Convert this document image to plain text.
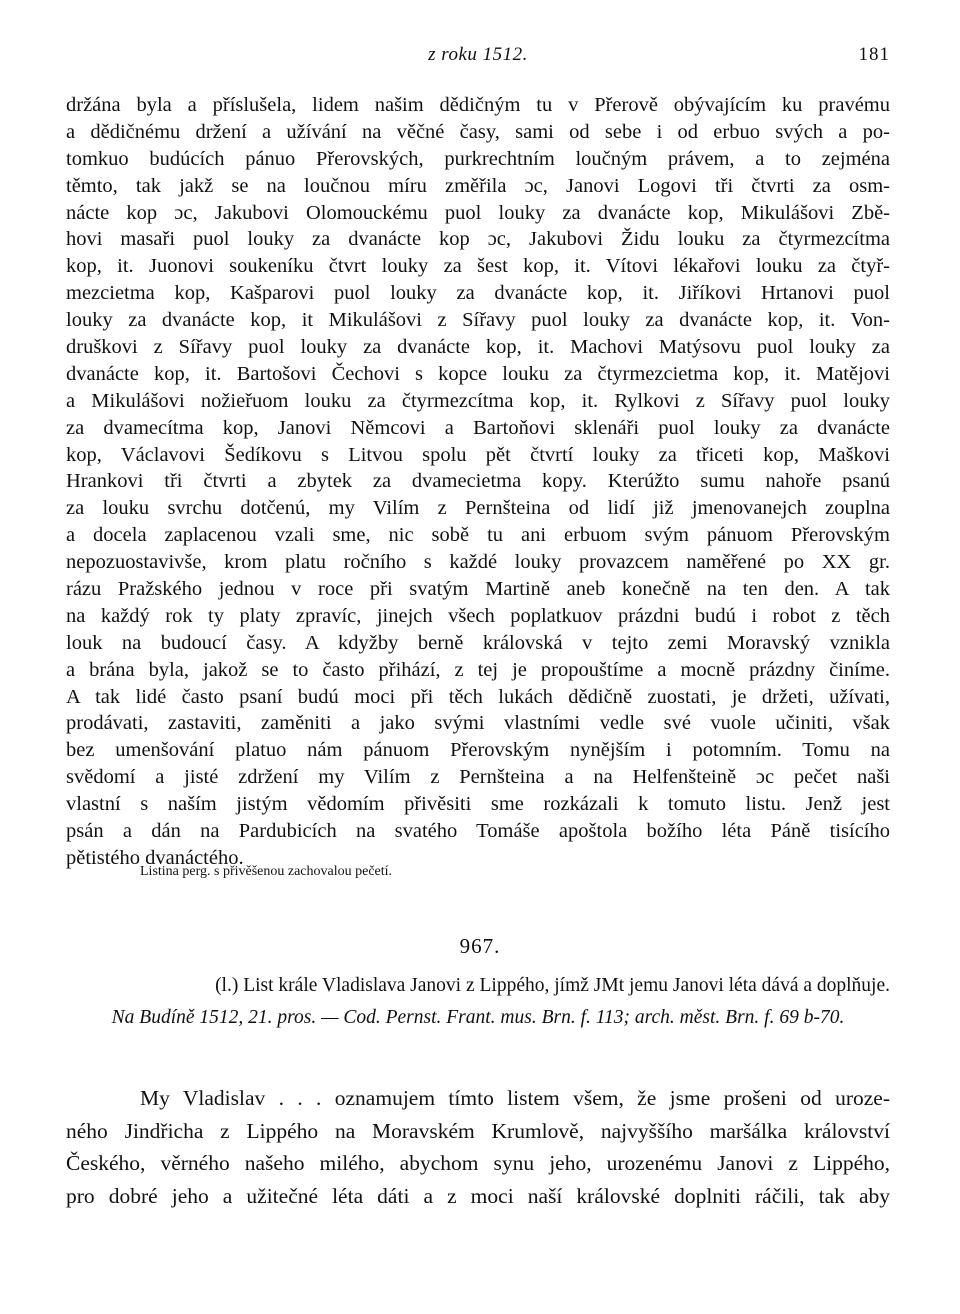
z roku 1512.	181
držána byla a příslušela, lidem našim dědičným tu v Přerově obývajícím ku pravému
a dědičnému držení a užívání na věčné časy, sami od sebe i od erbuo svých a po-
tomkuo budúcích pánuo Přerovských, purkrechtním loučným právem, a to zejména
těmto, tak jakž se na loučnou míru změřila ɔc, Janovi Logovi tři čtvrti za osm-
nácte kop ɔc, Jakubovi Olomouckému puol louky za dvanácte kop, Mikulášovi Zbě-
hovi masaři puol louky za dvanácte kop ɔc, Jakubovi Židu louku za čtyrmezcítma
kop, it. Juonovi soukeníku čtvrt louky za šest kop, it. Vítovi lékařovi louku za čtyř-
mezcietma kop, Kašparovi puol louky za dvanácte kop, it. Jiříkovi Hrtanovi puol
louky za dvanácte kop, it Mikulášovi z Sířavy puol louky za dvanácte kop, it. Von-
druškovi z Sířavy puol louky za dvanácte kop, it. Machovi Matýsovu puol louky za
dvanácte kop, it. Bartošovi Čechovi s kopce louku za čtyrmezcietma kop, it. Matějovi
a Mikulášovi nožieřuom louku za čtyrmezcítma kop, it. Rylkovi z Sířavy puol louky
za dvamecítma kop, Janovi Němcovi a Bartoňovi sklenáři puol louky za dvanácte
kop, Václavovi Šedíkovu s Litvou spolu pět čtvrtí louky za třiceti kop, Maškovi
Hrankovi tři čtvrti a zbytek za dvamecietma kopy. Kterúžto sumu nahoře psanú
za louku svrchu dotčenú, my Vilím z Pernšteina od lidí již jmenovanejch zouplna
a docela zaplacenou vzali sme, nic sobě tu ani erbuom svým pánuom Přerovským
nepozuostavivše, krom platu ročního s každé louky provazcem naměřené po XX gr.
rázu Pražského jednou v roce při svatým Martině aneb konečně na ten den. A tak
na každý rok ty platy zpravíc, jinejch všech poplatkuov prázdni budú i robot z těch
louk na budoucí časy. A kdyžby berně královská v tejto zemi Moravský vznikla
a brána byla, jakož se to často přihází, z tej je propouštíme a mocně prázdny činíme.
A tak lidé často psaní budú moci při těch lukách dědičně zuostati, je držeti, užívati,
prodávati, zastaviti, zaměniti a jako svými vlastními vedle své vuole učiniti, však
bez umenšování platuo nám pánuom Přerovským nynějším i potomním. Tomu na
svědomí a jisté zdržení my Vilím z Pernšteina a na Helfenšteině ɔc pečet naši
vlastní s naším jistým vědomím přivěsiti sme rozkázali k tomuto listu. Jenž jest
psán a dán na Pardubicích na svatého Tomáše apoštola božího léta Páně tisícího
pětistého dvanáctého.
Listina perg. s přivěšenou zachovalou pečetí.
967.
(l.) List krále Vladislava Janovi z Lippého, jímž JMt jemu Janovi léta dává a doplňuje.
Na Budíně 1512, 21. pros. — Cod. Pernst. Frant. mus. Brn. f. 113; arch. měst. Brn. f. 69 b-70.
My Vladislav . . . oznamujem tímto listem všem, že jsme prošeni od uroze-
ného Jindřicha z Lippého na Moravském Krumlově, najvyššího maršálka království
Českého, věrného našeho milého, abychom synu jeho, urozenému Janovi z Lippého,
pro dobré jeho a užitečné léta dáti a z moci naší královské doplniti ráčili, tak aby
